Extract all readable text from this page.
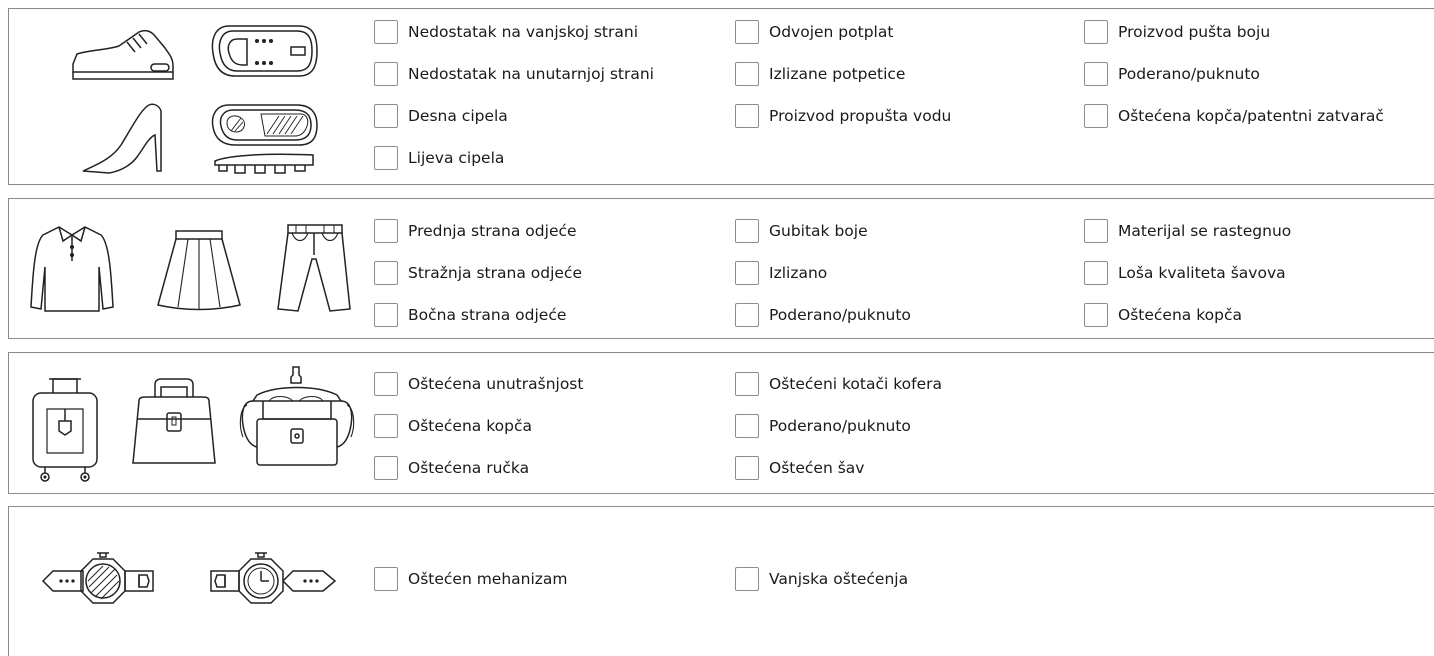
Nedostatak na vanjskoj strani
Nedostatak na unutarnjoj strani
Desna cipela
Lijeva cipela
Odvojen potplat
Izlizane potpetice
Proizvod propušta vodu
Proizvod pušta boju
Poderano/puknuto
Oštećena kopča/patentni zatvarač
Prednja strana odjeće
Stražnja strana odjeće
Bočna strana odjeće
Gubitak boje
Izlizano
Poderano/puknuto
Materijal se rastegnuo
Loša kvaliteta šavova
Oštećena kopča
Oštećena unutrašnjost
Oštećena kopča
Oštećena ručka
Oštećeni kotači kofera
Poderano/puknuto
Oštećen šav
Oštećen mehanizam	Vanjska oštećenja
